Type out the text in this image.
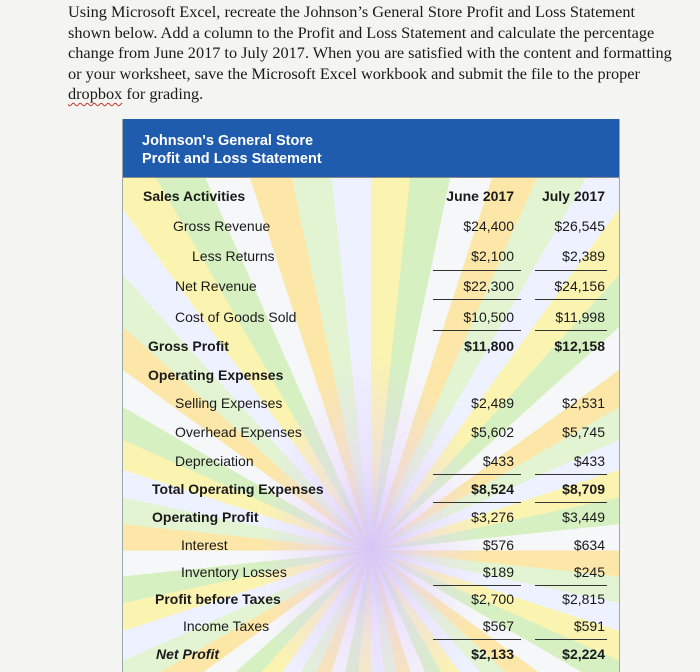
Using Microsoft Excel, recreate the Johnson’s General Store Profit and Loss Statement

shown below. Add a column to the Profit and Loss Statement and calculate the percentage

change from June 2017 to July 2017. When you are satisfied with the content and formatting

or your worksheet, save the Microsoft Excel workbook and submit the file to the proper

dropbox for grading.

Johnson's General Store
Profit and Loss Statement
Sales Activities	June 2017 July 2017
Gross Revenue	$24,400	$26,545
Less Returns	$2,100	$2,389
Net Revenue	$22,300	$24,156
Cost of Goods Sold	$10,500	$11,998
Gross Profit	$11,800	$12,158
Operating Expenses
Selling Expenses	$2,489	$2,531
Overhead Expenses	$5,602	$5,745
Depreciation	$433	$433
Total Operating Expenses	$8,524	$8,709
Operating Profit	$3,276	$3,449
Interest	$576	$634
Inventory Losses	$189	$245
Profit before Taxes	$2,700	$2,815
Income Taxes	$567	$591
Net Profit	$2,133	$2,224
